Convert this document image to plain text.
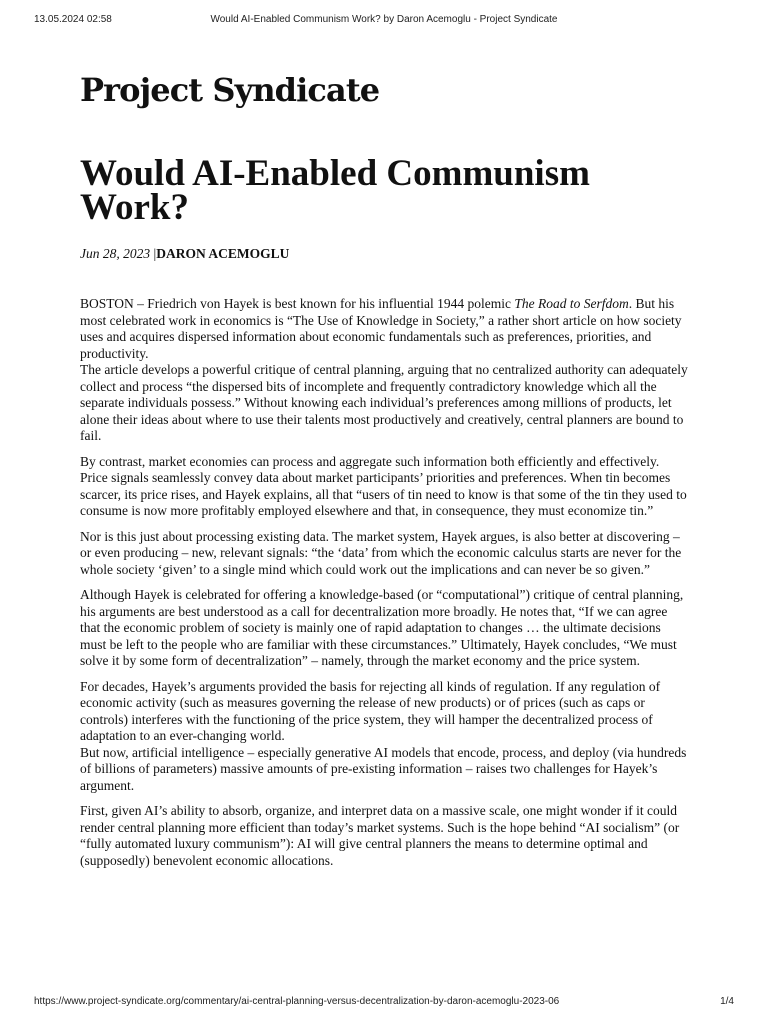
13.05.2024 02:58	Would AI-Enabled Communism Work? by Daron Acemoglu - Project Syndicate
Project Syndicate
Would AI-Enabled Communism Work?
Jun 28, 2023 |DARON ACEMOGLU

BOSTON – Friedrich von Hayek is best known for his influential 1944 polemic The Road to Serfdom. But his most celebrated work in economics is “The Use of Knowledge in Society,” a rather short article on how society uses and acquires dispersed information about economic fundamentals such as preferences, priorities, and productivity.

The article develops a powerful critique of central planning, arguing that no centralized authority can adequately collect and process “the dispersed bits of incomplete and frequently contradictory knowledge which all the separate individuals possess.” Without knowing each individual’s preferences among millions of products, let alone their ideas about where to use their talents most productively and creatively, central planners are bound to fail.

By contrast, market economies can process and aggregate such information both efficiently and effectively. Price signals seamlessly convey data about market participants’ priorities and preferences. When tin becomes scarcer, its price rises, and Hayek explains, all that “users of tin need to know is that some of the tin they used to consume is now more profitably employed elsewhere and that, in consequence, they must economize tin.”

Nor is this just about processing existing data. The market system, Hayek argues, is also better at discovering – or even producing – new, relevant signals: “the ‘data’ from which the economic calculus starts are never for the whole society ‘given’ to a single mind which could work out the implications and can never be so given.”

Although Hayek is celebrated for offering a knowledge-based (or “computational”) critique of central planning, his arguments are best understood as a call for decentralization more broadly. He notes that, “If we can agree that the economic problem of society is mainly one of rapid adaptation to changes … the ultimate decisions must be left to the people who are familiar with these circumstances.” Ultimately, Hayek concludes, “We must solve it by some form of decentralization” – namely, through the market economy and the price system.

For decades, Hayek’s arguments provided the basis for rejecting all kinds of regulation. If any regulation of economic activity (such as measures governing the release of new products) or of prices (such as caps or controls) interferes with the functioning of the price system, they will hamper the decentralized process of adaptation to an ever-changing world.

But now, artificial intelligence – especially generative AI models that encode, process, and deploy (via hundreds of billions of parameters) massive amounts of pre-existing information – raises two challenges for Hayek’s argument.

First, given AI’s ability to absorb, organize, and interpret data on a massive scale, one might wonder if it could render central planning more efficient than today’s market systems. Such is the hope behind “AI socialism” (or “fully automated luxury communism”): AI will give central planners the means to determine optimal and (supposedly) benevolent economic allocations.

https://www.project-syndicate.org/commentary/ai-central-planning-versus-decentralization-by-daron-acemoglu-2023-06	1/4
